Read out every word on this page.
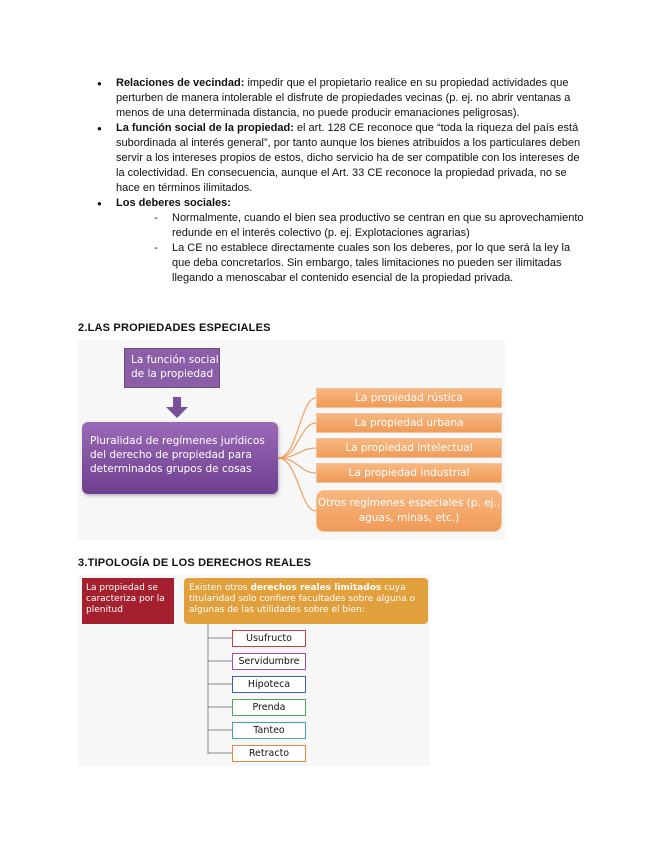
● Relaciones de vecindad: impedir que el propietario realice en su propiedad actividades que perturben de manera intolerable el disfrute de propiedades vecinas (p. ej. no abrir ventanas a menos de una determinada distancia, no puede producir emanaciones peligrosas).
● La función social de la propiedad: el art. 128 CE reconoce que “toda la riqueza del país está subordinada al interés general”, por tanto aunque los bienes atribuidos a los particulares deben servir a los intereses propios de estos, dicho servicio ha de ser compatible con los intereses de la colectividad. En consecuencia, aunque el Art. 33 CE reconoce la propiedad privada, no se hace en términos ilimitados.
● Los deberes sociales:
- Normalmente, cuando el bien sea productivo se centran en que su aprovechamiento redunde en el interés colectivo (p. ej. Explotaciones agrarias)
- La CE no establece directamente cuales son los deberes, por lo que será la ley la que deba concretarlos. Sin embargo, tales limitaciones no pueden ser ilimitadas llegando a menoscabar el contenido esencial de la propiedad privada.
2.LAS PROPIEDADES ESPECIALES
La función social de la propiedad
Pluralidad de regímenes jurídicos del derecho de propiedad para determinados grupos de cosas
La propiedad rústica
La propiedad urbana
La propiedad intelectual
La propiedad industrial
Otros regímenes especiales (p. ej., aguas, minas, etc.)
3.TIPOLOGÍA DE LOS DERECHOS REALES
La propiedad se caracteriza por la plenitud
Existen otros derechos reales limitados cuya titularidad solo confiere facultades sobre alguna o algunas de las utilidades sobre el bien:
Usufructo
Servidumbre
Hipoteca
Prenda
Tanteo
Retracto
